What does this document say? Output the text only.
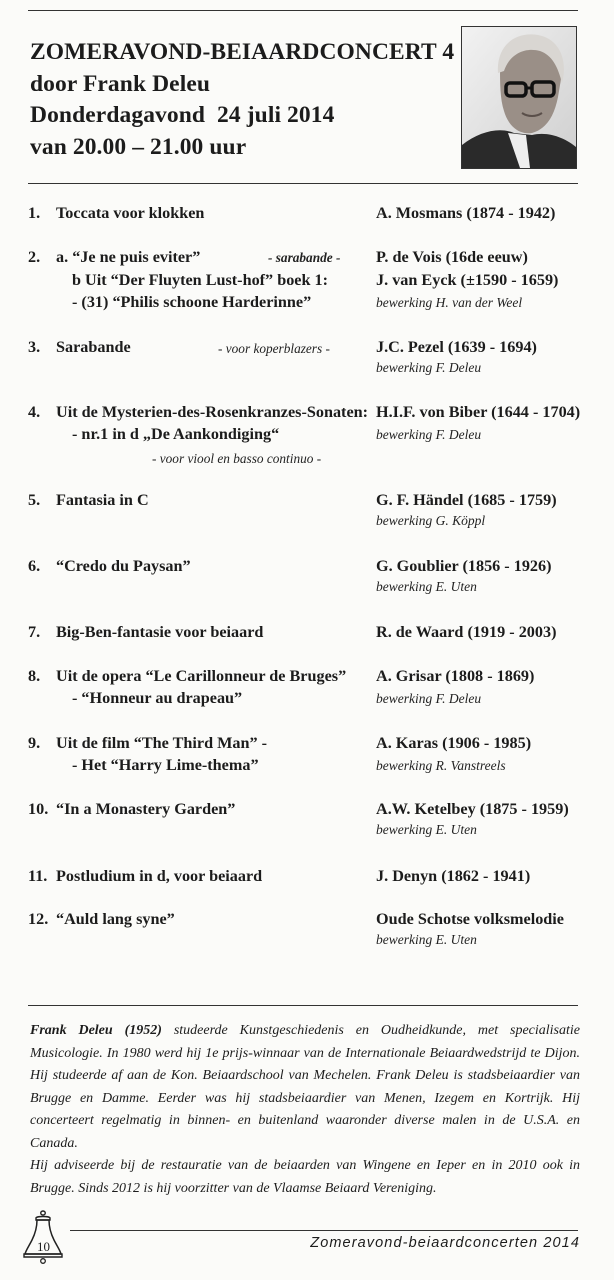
ZOMERAVOND-BEIAARDCONCERT 4
door Frank Deleu
Donderdagavond 24 juli 2014
van 20.00 – 21.00 uur
1. Toccata voor klokken	A. Mosmans (1874 - 1942)
2. a. “Je ne puis eviter”	- sarabande - P. de Vois (16de eeuw)
b Uit “Der Fluyten Lust-hof” boek 1:	J. van Eyck (±1590 - 1659)
- (31) “Philis schoone Harderinne”	bewerking H. van der Weel
3. Sarabande	- voor koperblazers -	J.C. Pezel (1639 - 1694)
bewerking F. Deleu
4. Uit de Mysterien-des-Rosenkranzes-Sonaten: H.I.F. von Biber (1644 - 1704)
- nr.1 in d „De Aankondiging“	bewerking F. Deleu
- voor viool en basso continuo -
5. Fantasia in C	G. F. Händel (1685 - 1759)
bewerking G. Köppl
6. “Credo du Paysan”	G. Goublier (1856 - 1926)
bewerking E. Uten
7. Big-Ben-fantasie voor beiaard	R. de Waard (1919 - 2003)
8. Uit de opera “Le Carillonneur de Bruges” A. Grisar (1808 - 1869)
- “Honneur au drapeau”	bewerking F. Deleu
9. Uit de film “The Third Man” -	A. Karas (1906 - 1985)
- Het “Harry Lime-thema”	bewerking R. Vanstreels
10. “In a Monastery Garden”	A.W. Ketelbey (1875 - 1959)
bewerking E. Uten
11. Postludium in d, voor beiaard	J. Denyn (1862 - 1941)
12. “Auld lang syne”	Oude Schotse volksmelodie
bewerking E. Uten

Frank Deleu (1952) studeerde Kunstgeschiedenis en Oudheidkunde, met specialisatie Musicologie. In 1980 werd hij 1e prijs-winnaar van de Internationale Beiaardwedstrijd te Dijon. Hij studeerde af aan de Kon. Beiaardschool van Mechelen. Frank Deleu is stadsbeiaardier van Brugge en Damme. Eerder was hij stadsbeiaardier van Menen, Izegem en Kortrijk. Hij concerteert regelmatig in binnen- en buitenland waaronder diverse malen in de U.S.A. en Canada.

Hij adviseerde bij de restauratie van de beiaarden van Wingene en Ieper en in 2010 ook in Brugge. Sinds 2012 is hij voorzitter van de Vlaamse Beiaard Vereniging.

10	Zomeravond-beiaardconcerten 2014
